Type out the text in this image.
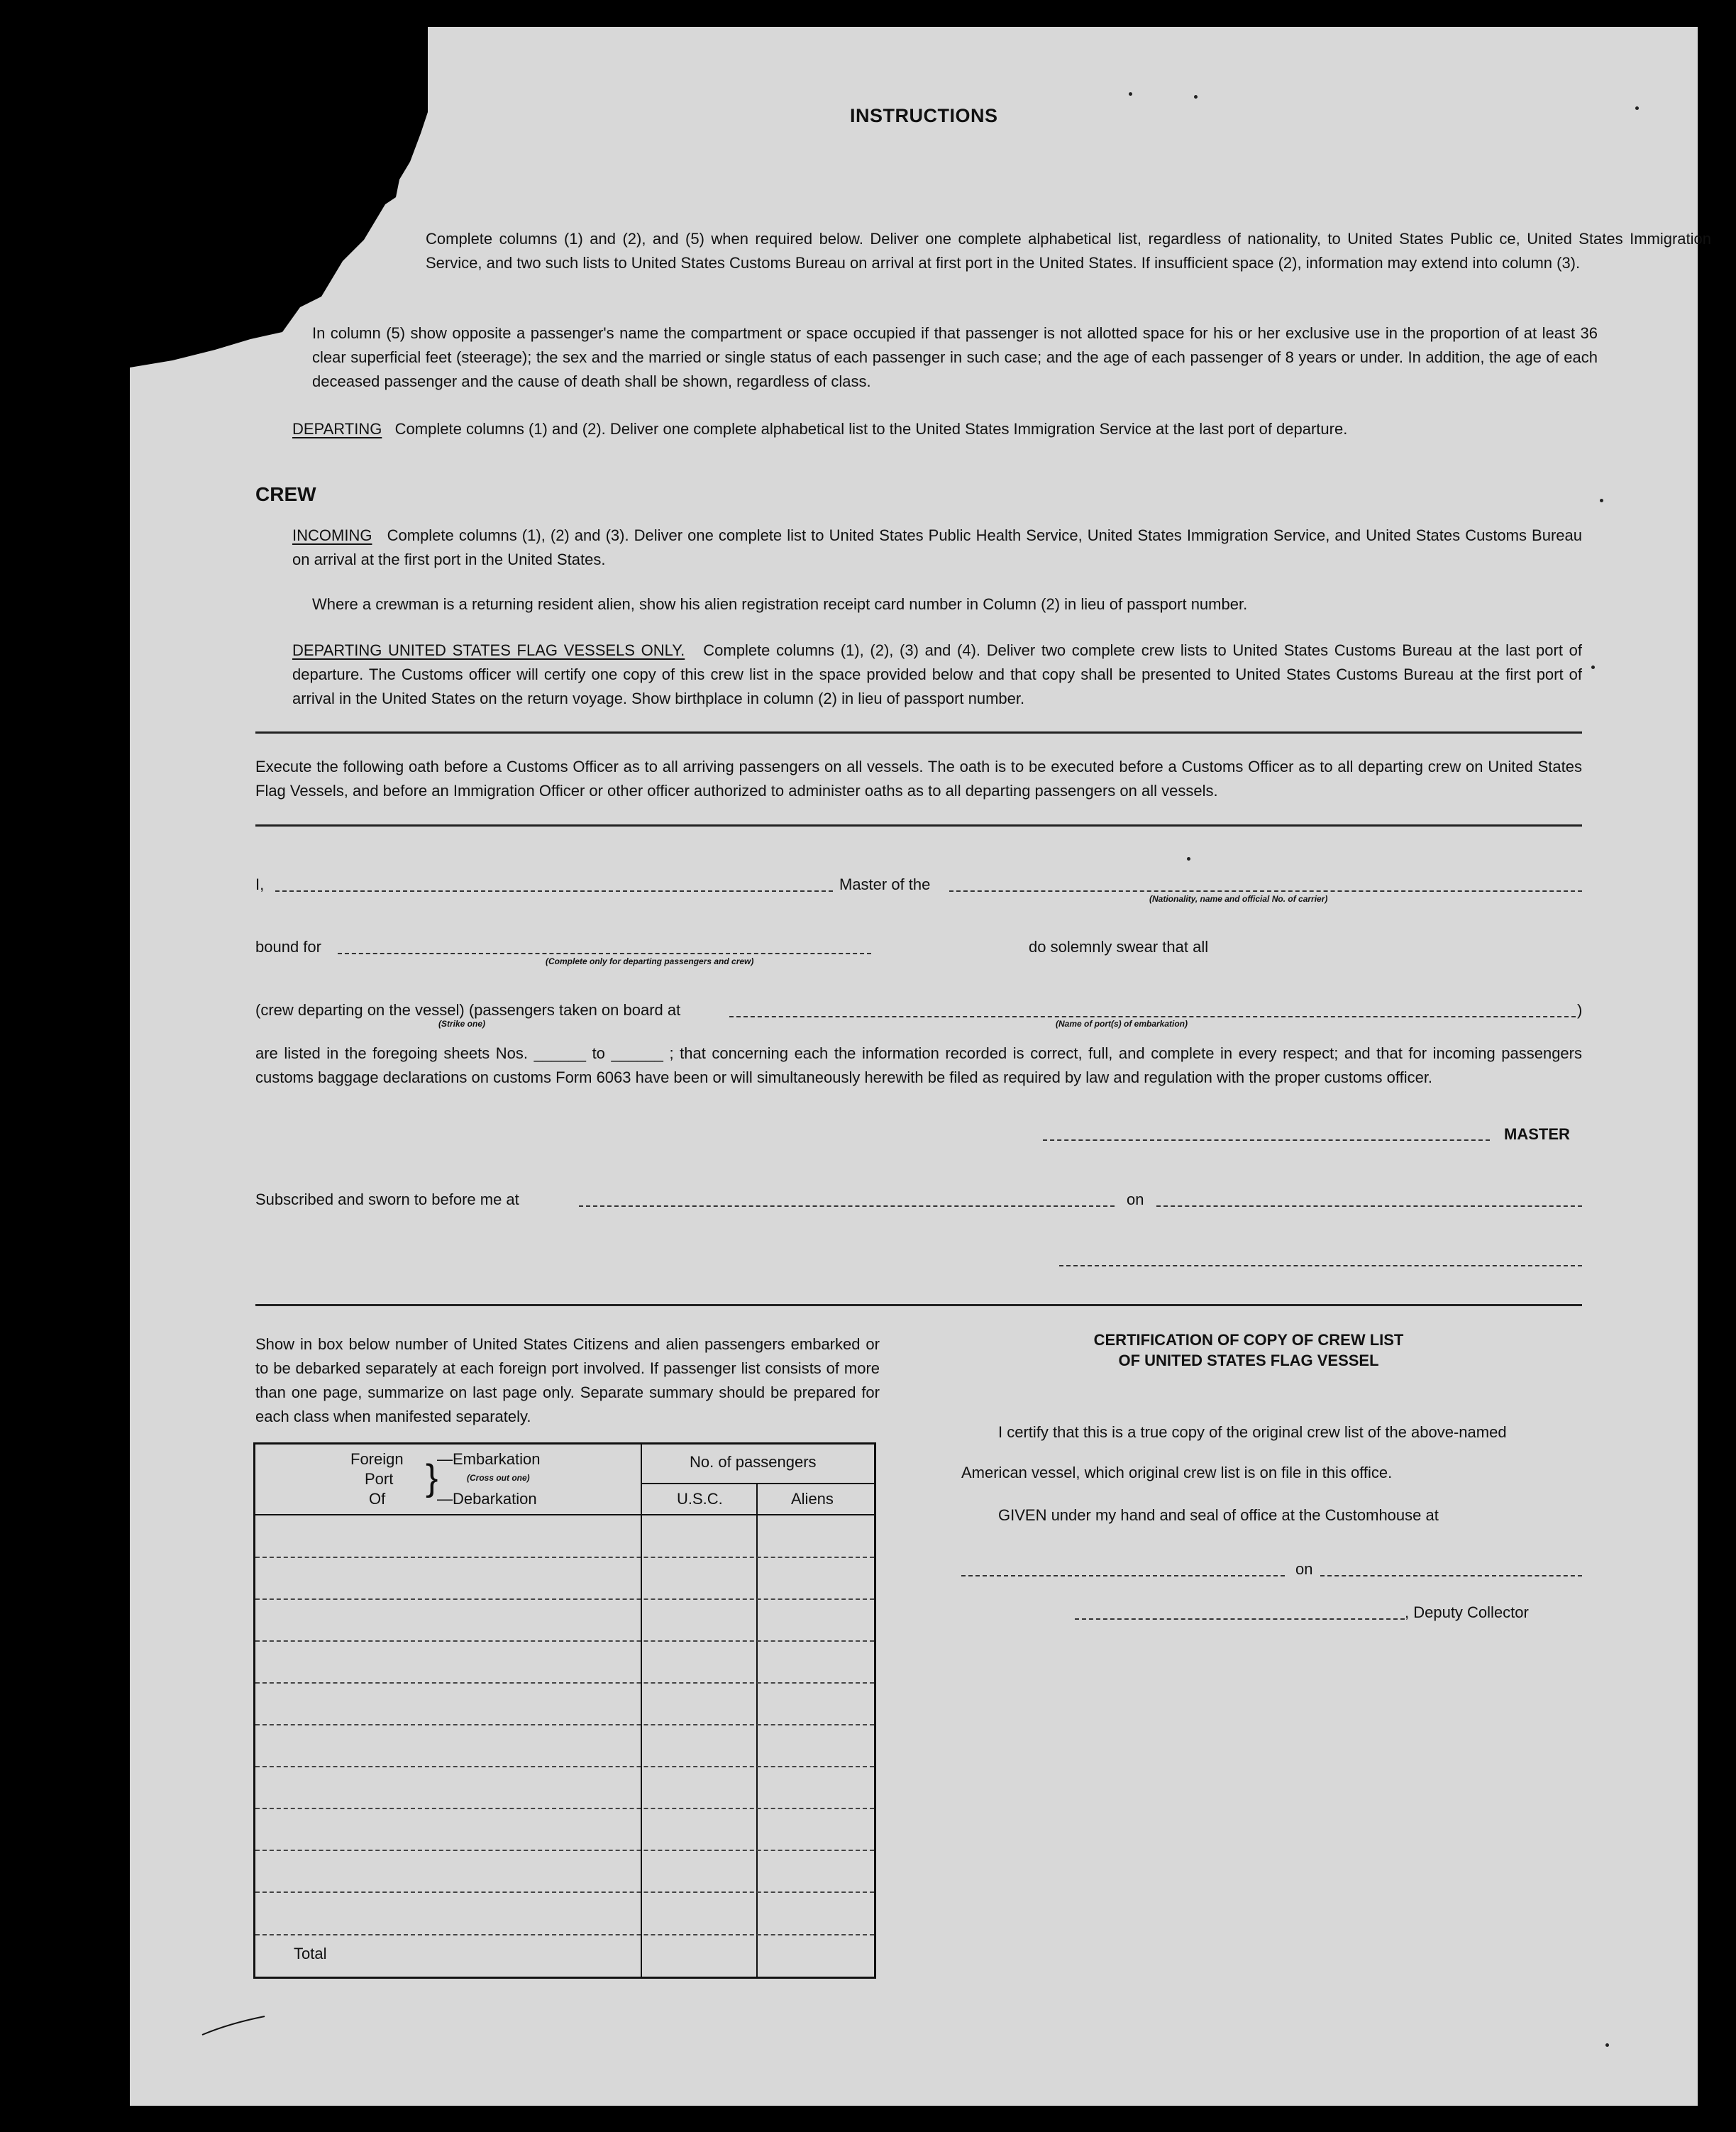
INSTRUCTIONS
Complete columns (1) and (2), and (5) when required below. Deliver one complete alphabetical list, regardless of nationality, to United States Public ce, United States Immigration Service, and two such lists to United States Customs Bureau on arrival at first port in the United States. If insufficient space (2), information may extend into column (3).
In column (5) show opposite a passenger's name the compartment or space occupied if that passenger is not allotted space for his or her exclusive use in the proportion of at least 36 clear superficial feet (steerage); the sex and the married or single status of each passenger in such case; and the age of each passenger of 8 years or under. In addition, the age of each deceased passenger and the cause of death shall be shown, regardless of class.
DEPARTING Complete columns (1) and (2). Deliver one complete alphabetical list to the United States Immigration Service at the last port of departure.
CREW
INCOMING Complete columns (1), (2) and (3). Deliver one complete list to United States Public Health Service, United States Immigration Service, and United States Customs Bureau on arrival at the first port in the United States.
Where a crewman is a returning resident alien, show his alien registration receipt card number in Column (2) in lieu of passport number.
DEPARTING UNITED STATES FLAG VESSELS ONLY. Complete columns (1), (2), (3) and (4). Deliver two complete crew lists to United States Customs Bureau at the last port of departure. The Customs officer will certify one copy of this crew list in the space provided below and that copy shall be presented to United States Customs Bureau at the first port of arrival in the United States on the return voyage. Show birthplace in column (2) in lieu of passport number.
Execute the following oath before a Customs Officer as to all arriving passengers on all vessels. The oath is to be executed before a Customs Officer as to all departing crew on United States Flag Vessels, and before an Immigration Officer or other officer authorized to administer oaths as to all departing passengers on all vessels.
I,	Master of the
(Nationality, name and official No. of carrier)
bound for
(Complete only for departing passengers and crew)
do solemnly swear that all
(crew departing on the vessel) (passengers taken on board at	)
(Strike one)	(Name of port(s) of embarkation)
are listed in the foregoing sheets Nos. ______ to ______ ; that concerning each the information recorded is correct, full, and complete in every respect; and that for incoming passengers customs baggage declarations on customs Form 6063 have been or will simultaneously herewith be filed as required by law and regulation with the proper customs officer.
MASTER
Subscribed and sworn to before me at	on
Show in box below number of United States Citizens and alien passengers embarked or to be debarked separately at each foreign port involved. If passenger list consists of more than one page, summarize on last page only. Separate summary should be prepared for each class when manifested separately.
Foreign
Port
Of
}
—Embarkation
(Cross out one)
—Debarkation
No. of passengers
U.S.C.	Aliens
Total
CERTIFICATION OF COPY OF CREW LIST
OF UNITED STATES FLAG VESSEL
I certify that this is a true copy of the original crew list of the above-named
American vessel, which original crew list is on file in this office.
GIVEN under my hand and seal of office at the Customhouse at
on
, Deputy Collector
